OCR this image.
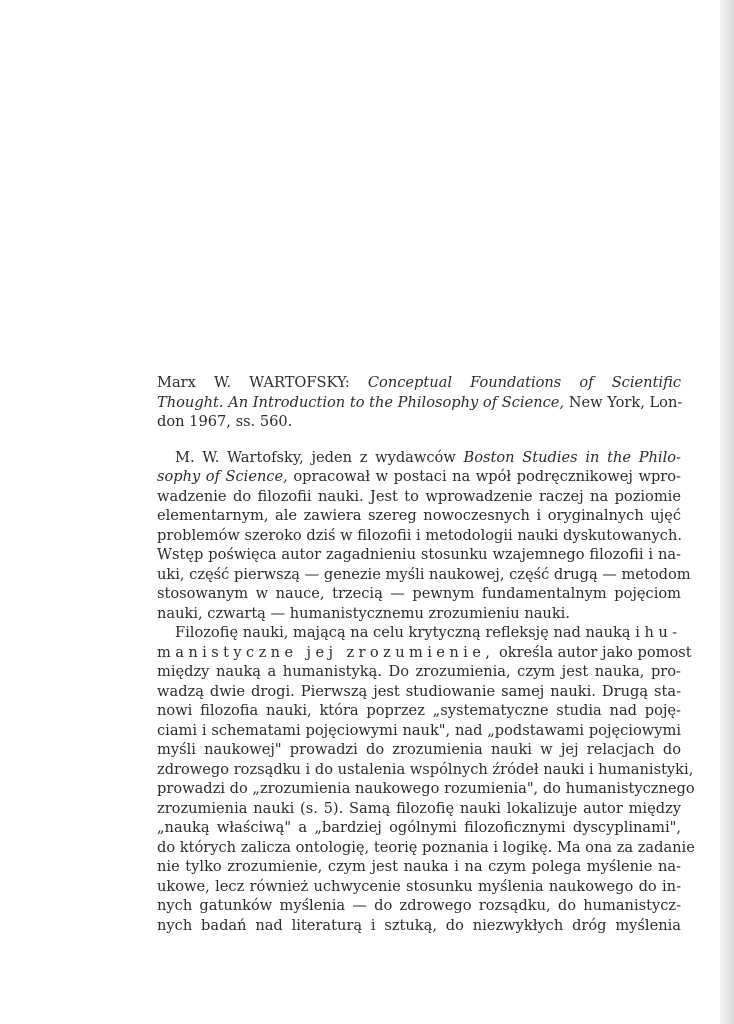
Marx W. WARTOFSKY: Conceptual Foundations of Scientific
Thought. An Introduction to the Philosophy of Science, New York, Lon-
don 1967, ss. 560.
M. W. Wartofsky, jeden z wydawców Boston Studies in the Philo-
sophy of Science, opracował w postaci na wpół podręcznikowej wpro-
wadzenie do filozofii nauki. Jest to wprowadzenie raczej na poziomie
elementarnym, ale zawiera szereg nowoczesnych i oryginalnych ujęć
problemów szeroko dziś w filozofii i metodologii nauki dyskutowanych.
Wstęp poświęca autor zagadnieniu stosunku wzajemnego filozofii i na-
uki, część pierwszą — genezie myśli naukowej, część drugą — metodom
stosowanym w nauce, trzecią — pewnym fundamentalnym pojęciom
nauki, czwartą — humanistycznemu zrozumieniu nauki.
Filozofię nauki, mającą na celu krytyczną refleksję nad nauką i hu-
manistyczne jej zrozumienie, określa autor jako pomost
między nauką a humanistyką. Do zrozumienia, czym jest nauka, pro-
wadzą dwie drogi. Pierwszą jest studiowanie samej nauki. Drugą sta-
nowi filozofia nauki, która poprzez „systematyczne studia nad poję-
ciami i schematami pojęciowymi nauk", nad „podstawami pojęciowymi
myśli naukowej" prowadzi do zrozumienia nauki w jej relacjach do
zdrowego rozsądku i do ustalenia wspólnych źródeł nauki i humanistyki,
prowadzi do „zrozumienia naukowego rozumienia", do humanistycznego
zrozumienia nauki (s. 5). Samą filozofię nauki lokalizuje autor między
„nauką właściwą" a „bardziej ogólnymi filozoficznymi dyscyplinami",
do których zalicza ontologię, teorię poznania i logikę. Ma ona za zadanie
nie tylko zrozumienie, czym jest nauka i na czym polega myślenie na-
ukowe, lecz również uchwycenie stosunku myślenia naukowego do in-
nych gatunków myślenia — do zdrowego rozsądku, do humanistycz-
nych badań nad literaturą i sztuką, do niezwykłych dróg myślenia
